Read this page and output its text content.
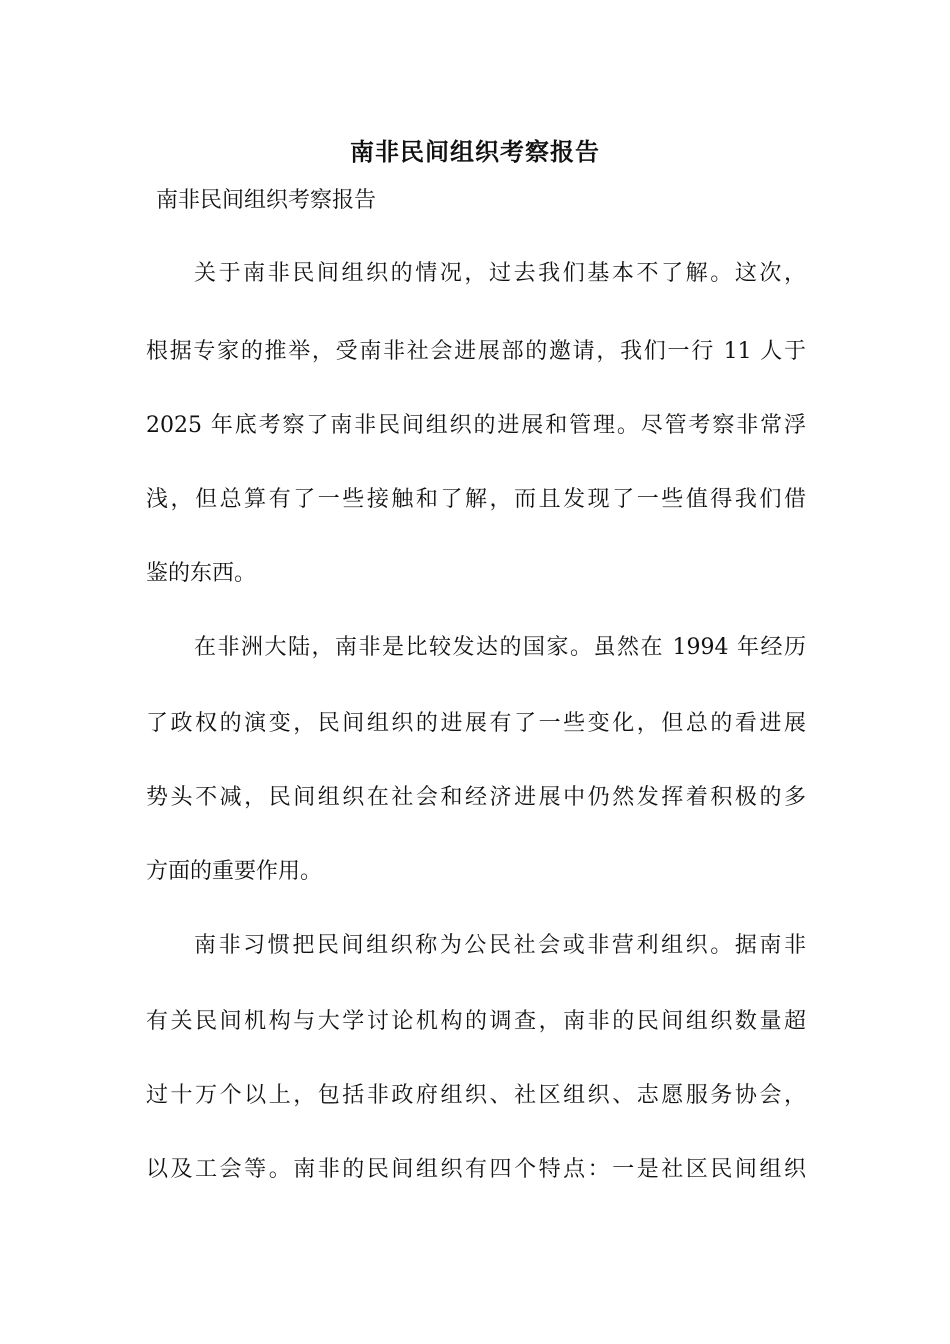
南非民间组织考察报告
南非民间组织考察报告
关于南非民间组织的情况，过去我们基本不了解。这次，
根据专家的推举，受南非社会进展部的邀请，我们一行 11 人于
2025 年底考察了南非民间组织的进展和管理。尽管考察非常浮
浅，但总算有了一些接触和了解，而且发现了一些值得我们借
鉴的东西。
在非洲大陆，南非是比较发达的国家。虽然在 1994 年经历
了政权的演变，民间组织的进展有了一些变化，但总的看进展
势头不减，民间组织在社会和经济进展中仍然发挥着积极的多
方面的重要作用。
南非习惯把民间组织称为公民社会或非营利组织。据南非
有关民间机构与大学讨论机构的调查，南非的民间组织数量超
过十万个以上，包括非政府组织、社区组织、志愿服务协会，
以及工会等。南非的民间组织有四个特点：一是社区民间组织
